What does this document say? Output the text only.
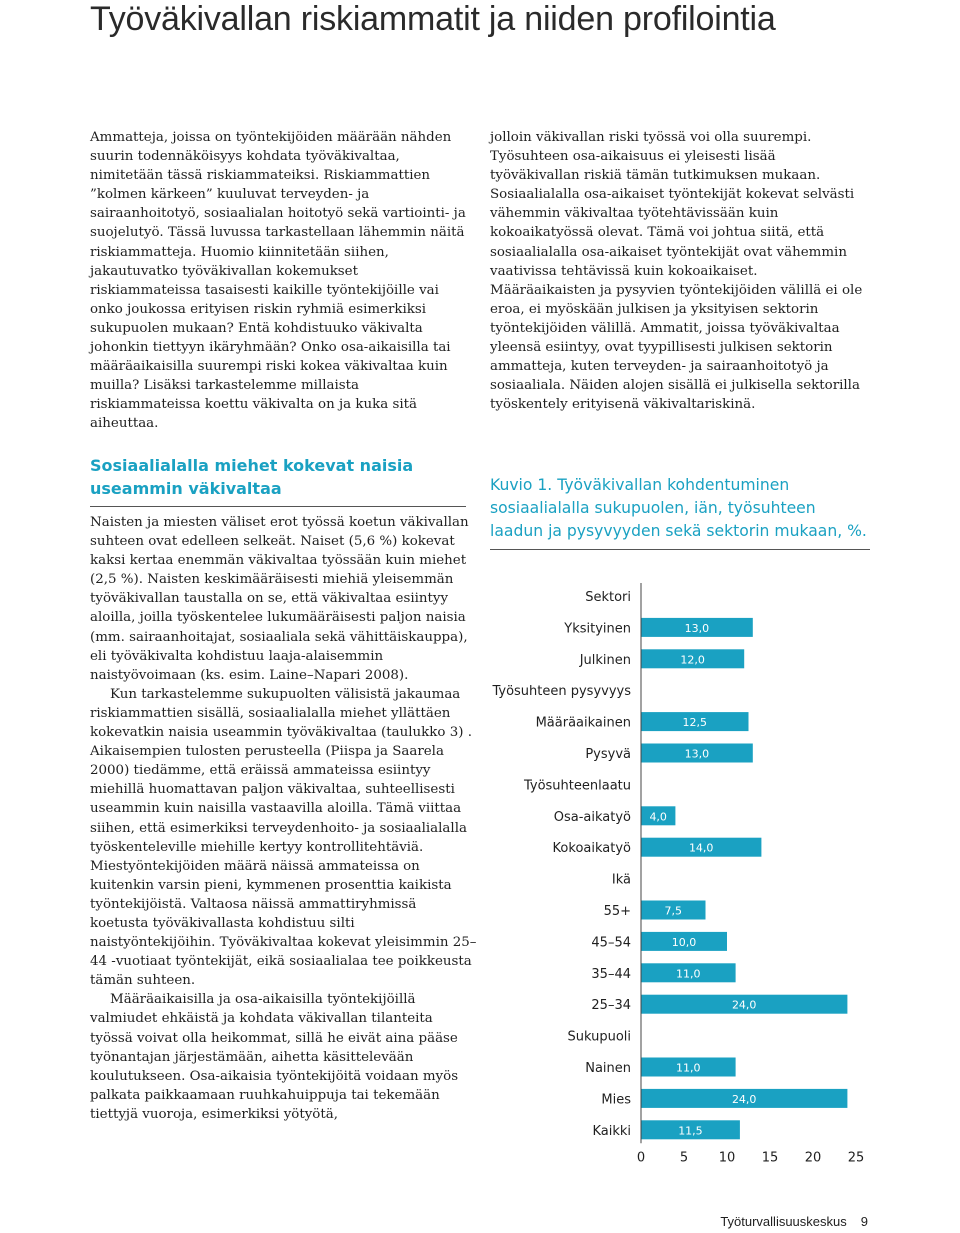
Työväkivallan riskiammatit ja niiden profilointia

Ammatteja, joissa on työntekijöiden määrään nähden suurin todennäköisyys kohdata työväkivaltaa, nimitetään tässä riskiammateiksi. Riskiammattien ”kolmen kärkeen” kuuluvat terveyden- ja sairaanhoitotyö, sosiaalialan hoitotyö sekä vartiointi- ja suojelutyö. Tässä luvussa tarkastellaan lähemmin näitä riskiammatteja. Huomio kiinnitetään siihen, jakautuvatko työväkivallan kokemukset riskiammateissa tasaisesti kaikille työntekijöille vai onko joukossa erityisen riskin ryhmiä esimerkiksi sukupuolen mukaan? Entä kohdistuuko väkivalta johonkin tiettyyn ikäryhmään? Onko osa-aikaisilla tai määräaikaisilla suurempi riski kokea väkivaltaa kuin muilla? Lisäksi tarkastelemme millaista riskiammateissa koettu väkivalta on ja kuka sitä aiheuttaa.

jolloin väkivallan riski työssä voi olla suurempi. Työsuhteen osa-aikaisuus ei yleisesti lisää työväkivallan riskiä tämän tutkimuksen mukaan. Sosiaalialalla osa-aikaiset työntekijät kokevat selvästi vähemmin väkivaltaa työtehtävissään kuin kokoaikatyössä olevat. Tämä voi johtua siitä, että sosiaalialalla osa-aikaiset työntekijät ovat vähemmin vaativissa tehtävissä kuin kokoaikaiset. Määräaikaisten ja pysyvien työntekijöiden välillä ei ole eroa, ei myöskään julkisen ja yksityisen sektorin työntekijöiden välillä. Ammatit, joissa työväkivaltaa yleensä esiintyy, ovat tyypillisesti julkisen sektorin ammatteja, kuten terveyden- ja sairaanhoitotyö ja sosiaaliala. Näiden alojen sisällä ei julkisella sektorilla työskentely erityisenä väkivaltariskinä.

Sosiaalialalla miehet kokevat naisia useammin väkivaltaa

Naisten ja miesten väliset erot työssä koetun väkivallan suhteen ovat edelleen selkeät. Naiset (5,6 %) kokevat kaksi kertaa enemmän väkivaltaa työssään kuin miehet (2,5 %). Naisten keskimääräisesti miehiä yleisemmän työväkivallan taustalla on se, että väkivaltaa esiintyy aloilla, joilla työskentelee lukumääräisesti paljon naisia (mm. sairaanhoitajat, sosiaaliala sekä vähittäiskauppa), eli työväkivalta kohdistuu laaja-alaisemmin naistyövoimaan (ks. esim. Laine–Napari 2008).

Kun tarkastelemme sukupuolten välisistä jakaumaa riskiammattien sisällä, sosiaalialalla miehet yllättäen kokevatkin naisia useammin työväkivaltaa (taulukko 3) . Aikaisempien tulosten perusteella (Piispa ja Saarela 2000) tiedämme, että eräissä ammateissa esiintyy miehillä huomattavan paljon väkivaltaa, suhteellisesti useammin kuin naisilla vastaavilla aloilla. Tämä viittaa siihen, että esimerkiksi terveydenhoito- ja sosiaalialalla työskenteleville miehille kertyy kontrollitehtäviä. Miestyöntekijöiden määrä näissä ammateissa on kuitenkin varsin pieni, kymmenen prosenttia kaikista työntekijöistä. Valtaosa näissä ammattiryhmissä koetusta työväkivallasta kohdistuu silti naistyöntekijöihin. Työväkivaltaa kokevat yleisimmin 25–44 -vuotiaat työntekijät, eikä sosiaalialaa tee poikkeusta tämän suhteen.

Määräaikaisilla ja osa-aikaisilla työntekijöillä valmiudet ehkäistä ja kohdata väkivallan tilanteita työssä voivat olla heikommat, sillä he eivät aina pääse työnantajan järjestämään, aihetta käsittelevään koulutukseen. Osa-aikaisia työntekijöitä voidaan myös palkata paikkaamaan ruuhkahuippuja tai tekemään tiettyjä vuoroja, esimerkiksi yötyötä,

Kuvio 1. Työväkivallan kohdentuminen sosiaalialalla sukupuolen, iän, työsuhteen laadun ja pysyvyyden sekä sektorin mukaan, %.
Sektori
Yksityinen	13,0
Julkinen	12,0
Työsuhteen pysyvyys
Määräaikainen	12,5
Pysyvä	13,0
Työsuhteenlaatu
Osa-aikatyö 4,0
Kokoaikatyö	14,0
Ikä
55+	7,5
45–54	10,0
35–44	11,0
25–34	24,0
Sukupuoli
Nainen	11,0
Mies	24,0
Kaikki	11,5
0	5 10 15 20 25
Työturvallisuuskeskus 9
